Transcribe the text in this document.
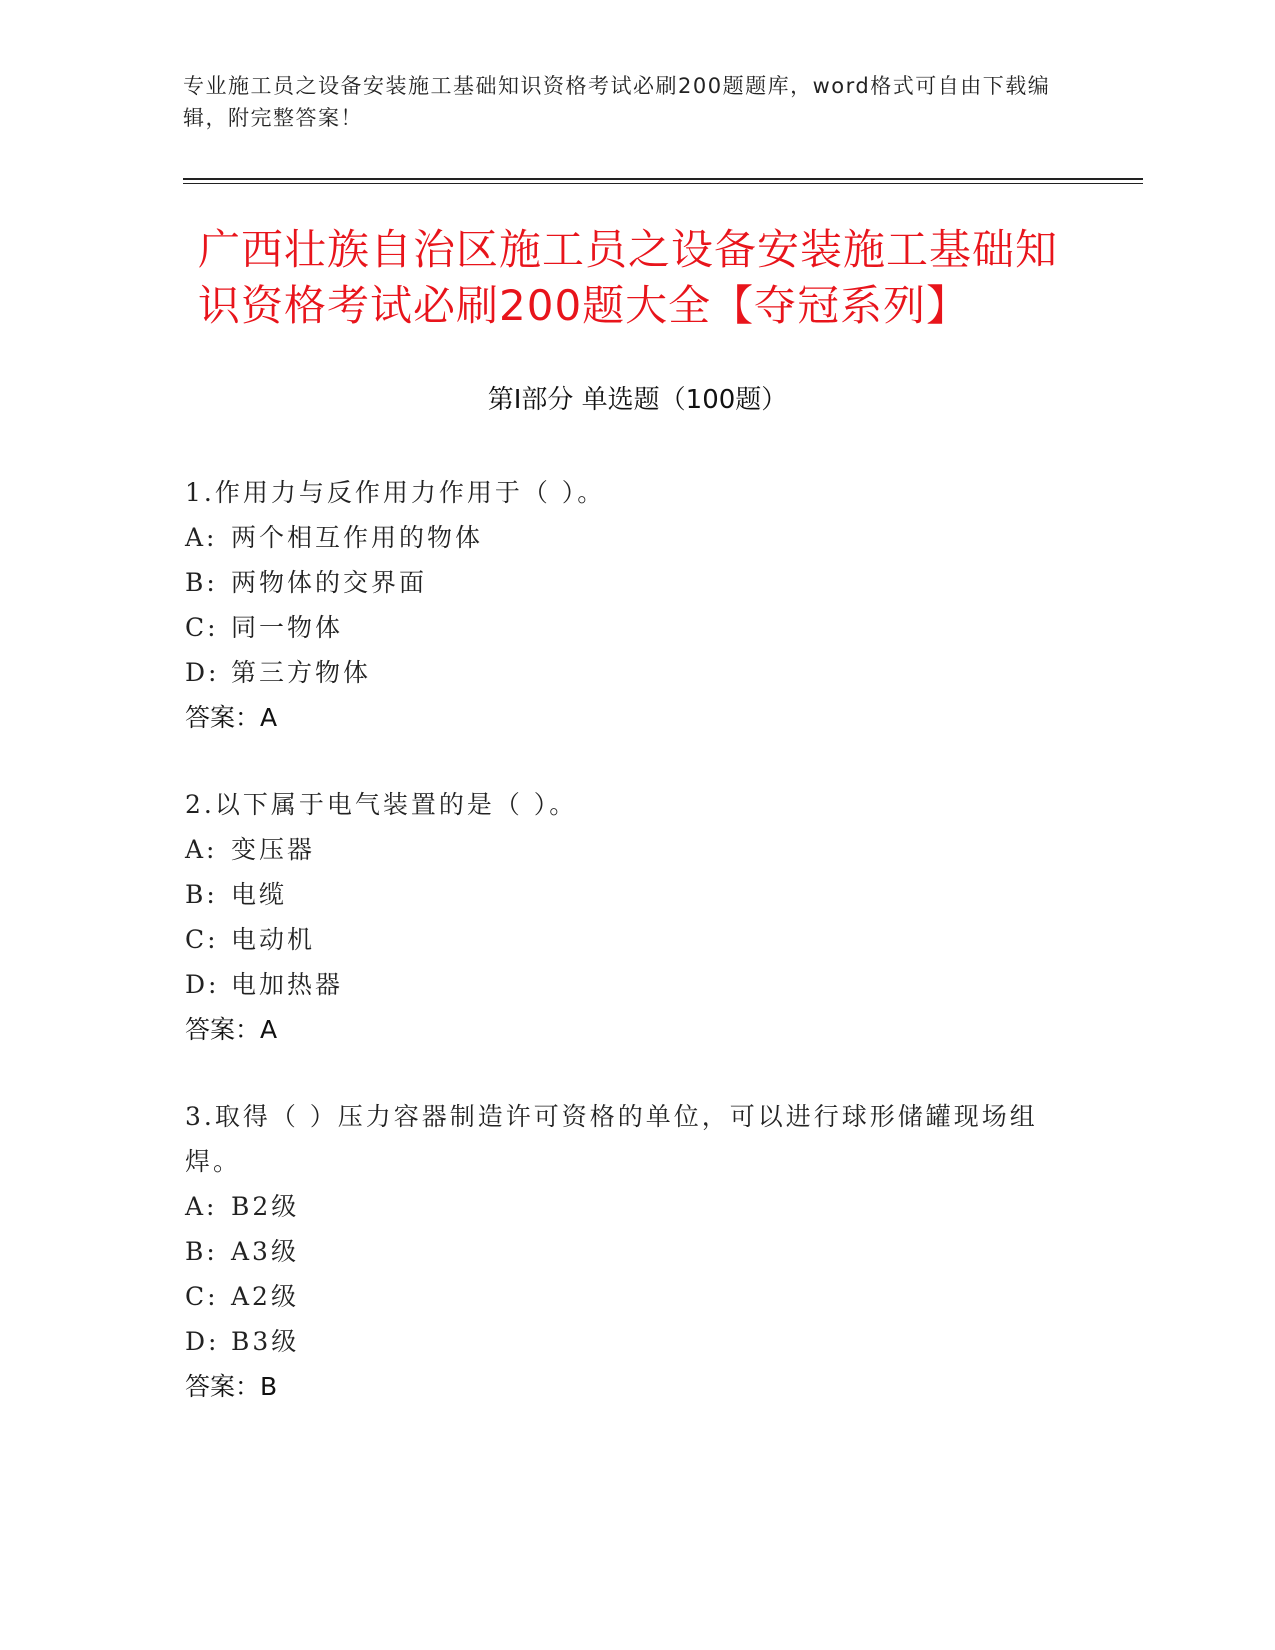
专业施工员之设备安装施工基础知识资格考试必刷200题题库，word格式可自由下载编辑，附完整答案！
广西壮族自治区施工员之设备安装施工基础知识资格考试必刷200题大全【夺冠系列】
第Ⅰ部分 单选题（100题）

1.作用力与反作用力作用于（ ）。

A: 两个相互作用的物体

B: 两物体的交界面

C: 同一物体

D: 第三方物体

答案：A

2.以下属于电气装置的是（ ）。

A: 变压器

B: 电缆

C: 电动机

D: 电加热器

答案：A

3.取得（ ）压力容器制造许可资格的单位，可以进行球形储罐现场组焊。

A: B2级

B: A3级

C: A2级

D: B3级

答案：B
